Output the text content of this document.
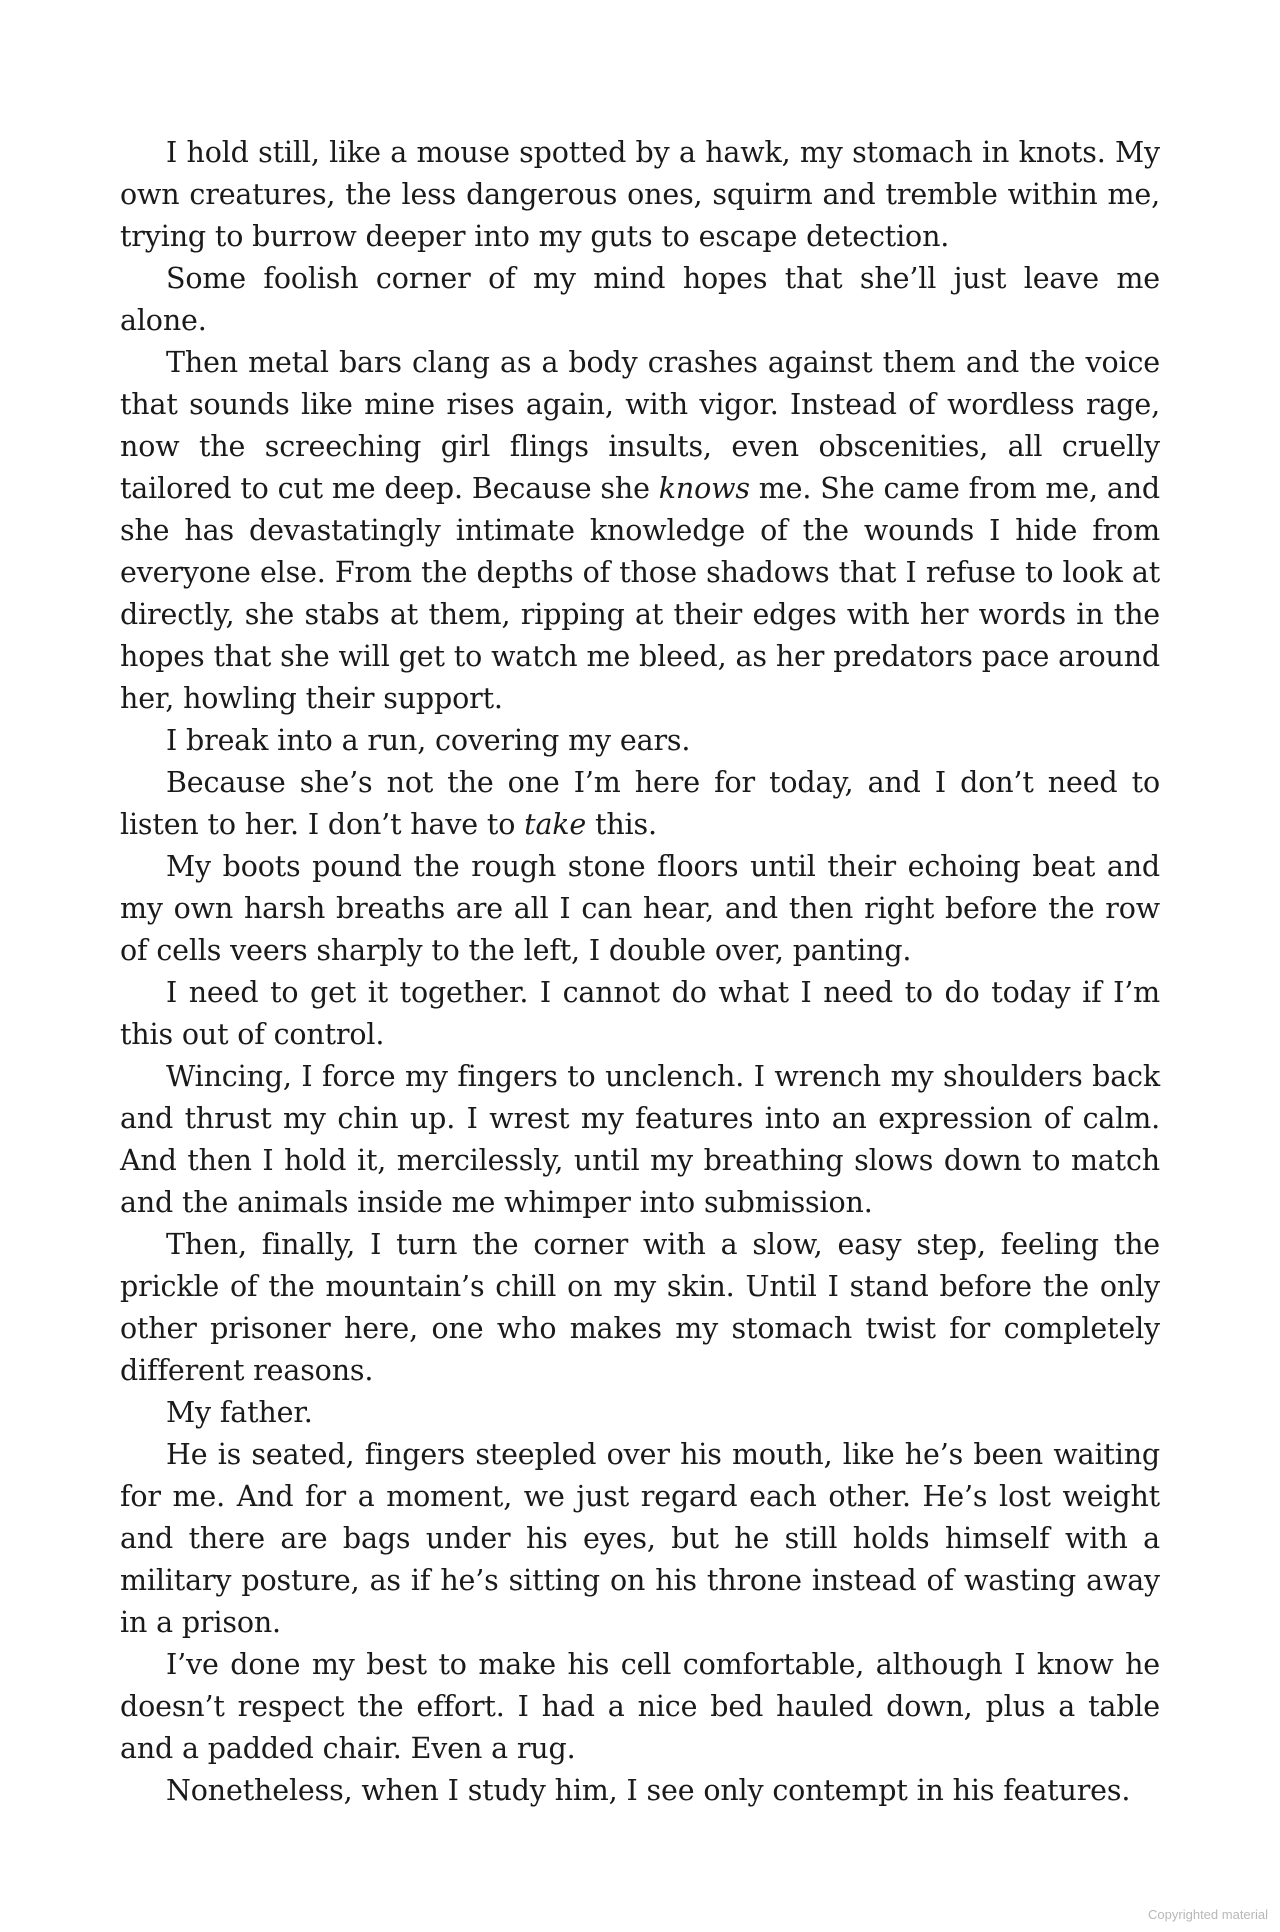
I hold still, like a mouse spotted by a hawk, my stomach in knots. My own creatures, the less dangerous ones, squirm and tremble within me, trying to burrow deeper into my guts to escape detection.

Some foolish corner of my mind hopes that she’ll just leave me alone.

Then metal bars clang as a body crashes against them and the voice that sounds like mine rises again, with vigor. Instead of wordless rage, now the screeching girl flings insults, even obscenities, all cruelly tailored to cut me deep. Because she knows me. She came from me, and she has devastatingly intimate knowledge of the wounds I hide from everyone else. From the depths of those shadows that I refuse to look at directly, she stabs at them, ripping at their edges with her words in the hopes that she will get to watch me bleed, as her predators pace around her, howling their support.

I break into a run, covering my ears.

Because she’s not the one I’m here for today, and I don’t need to listen to her. I don’t have to take this.

My boots pound the rough stone floors until their echoing beat and my own harsh breaths are all I can hear, and then right before the row of cells veers sharply to the left, I double over, panting.

I need to get it together. I cannot do what I need to do today if I’m this out of control.

Wincing, I force my fingers to unclench. I wrench my shoulders back and thrust my chin up. I wrest my features into an expression of calm. And then I hold it, mercilessly, until my breathing slows down to match and the animals inside me whimper into submission.

Then, finally, I turn the corner with a slow, easy step, feeling the prickle of the mountain’s chill on my skin. Until I stand before the only other prisoner here, one who makes my stomach twist for completely different reasons.

My father.

He is seated, fingers steepled over his mouth, like he’s been waiting for me. And for a moment, we just regard each other. He’s lost weight and there are bags under his eyes, but he still holds himself with a military posture, as if he’s sitting on his throne instead of wasting away in a prison.

I’ve done my best to make his cell comfortable, although I know he doesn’t respect the effort. I had a nice bed hauled down, plus a table and a padded chair. Even a rug.

Nonetheless, when I study him, I see only contempt in his features.

Copyrighted material
